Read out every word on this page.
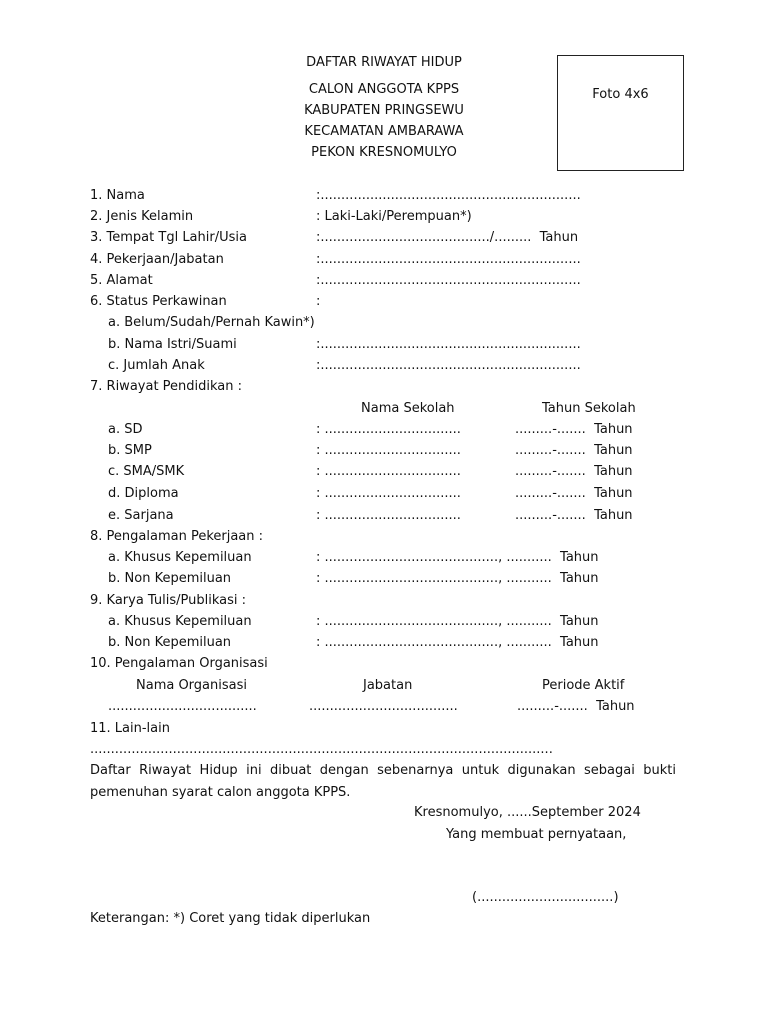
DAFTAR RIWAYAT HIDUP
CALON ANGGOTA KPPS
KABUPATEN PRINGSEWU
KECAMATAN AMBARAWA
PEKON KRESNOMULYO
Foto 4x6
1. Nama	:...............................................................
2. Jenis Kelamin	: Laki-Laki/Perempuan*)
3. Tempat Tgl Lahir/Usia	:........................................./.........  Tahun
4. Pekerjaan/Jabatan	:...............................................................
5. Alamat	:...............................................................
6. Status Perkawinan	:
a. Belum/Sudah/Pernah Kawin*)
b. Nama Istri/Suami	:...............................................................
c. Jumlah Anak	:...............................................................
7. Riwayat Pendidikan :
Nama Sekolah	Tahun Sekolah
a. SD	: .................................	.........-.......  Tahun
b. SMP	: .................................	.........-.......  Tahun
c. SMA/SMK	: .................................	.........-.......  Tahun
d. Diploma	: .................................	.........-.......  Tahun
e. Sarjana	: .................................	.........-.......  Tahun
8. Pengalaman Pekerjaan :
a. Khusus Kepemiluan	: .........................................., ...........  Tahun
b. Non Kepemiluan	: .........................................., ...........  Tahun
9. Karya Tulis/Publikasi :
a. Khusus Kepemiluan	: .........................................., ...........  Tahun
b. Non Kepemiluan	: .........................................., ...........  Tahun
10. Pengalaman Organisasi
Nama Organisasi	Jabatan	Periode Aktif
....................................	....................................	.........-.......  Tahun
11. Lain-lain
................................................................................................................
Daftar Riwayat Hidup ini dibuat dengan sebenarnya untuk digunakan sebagai bukti pemenuhan syarat calon anggota KPPS.
Kresnomulyo, ......September 2024
Yang membuat pernyataan,
(.................................)
Keterangan: *) Coret yang tidak diperlukan
